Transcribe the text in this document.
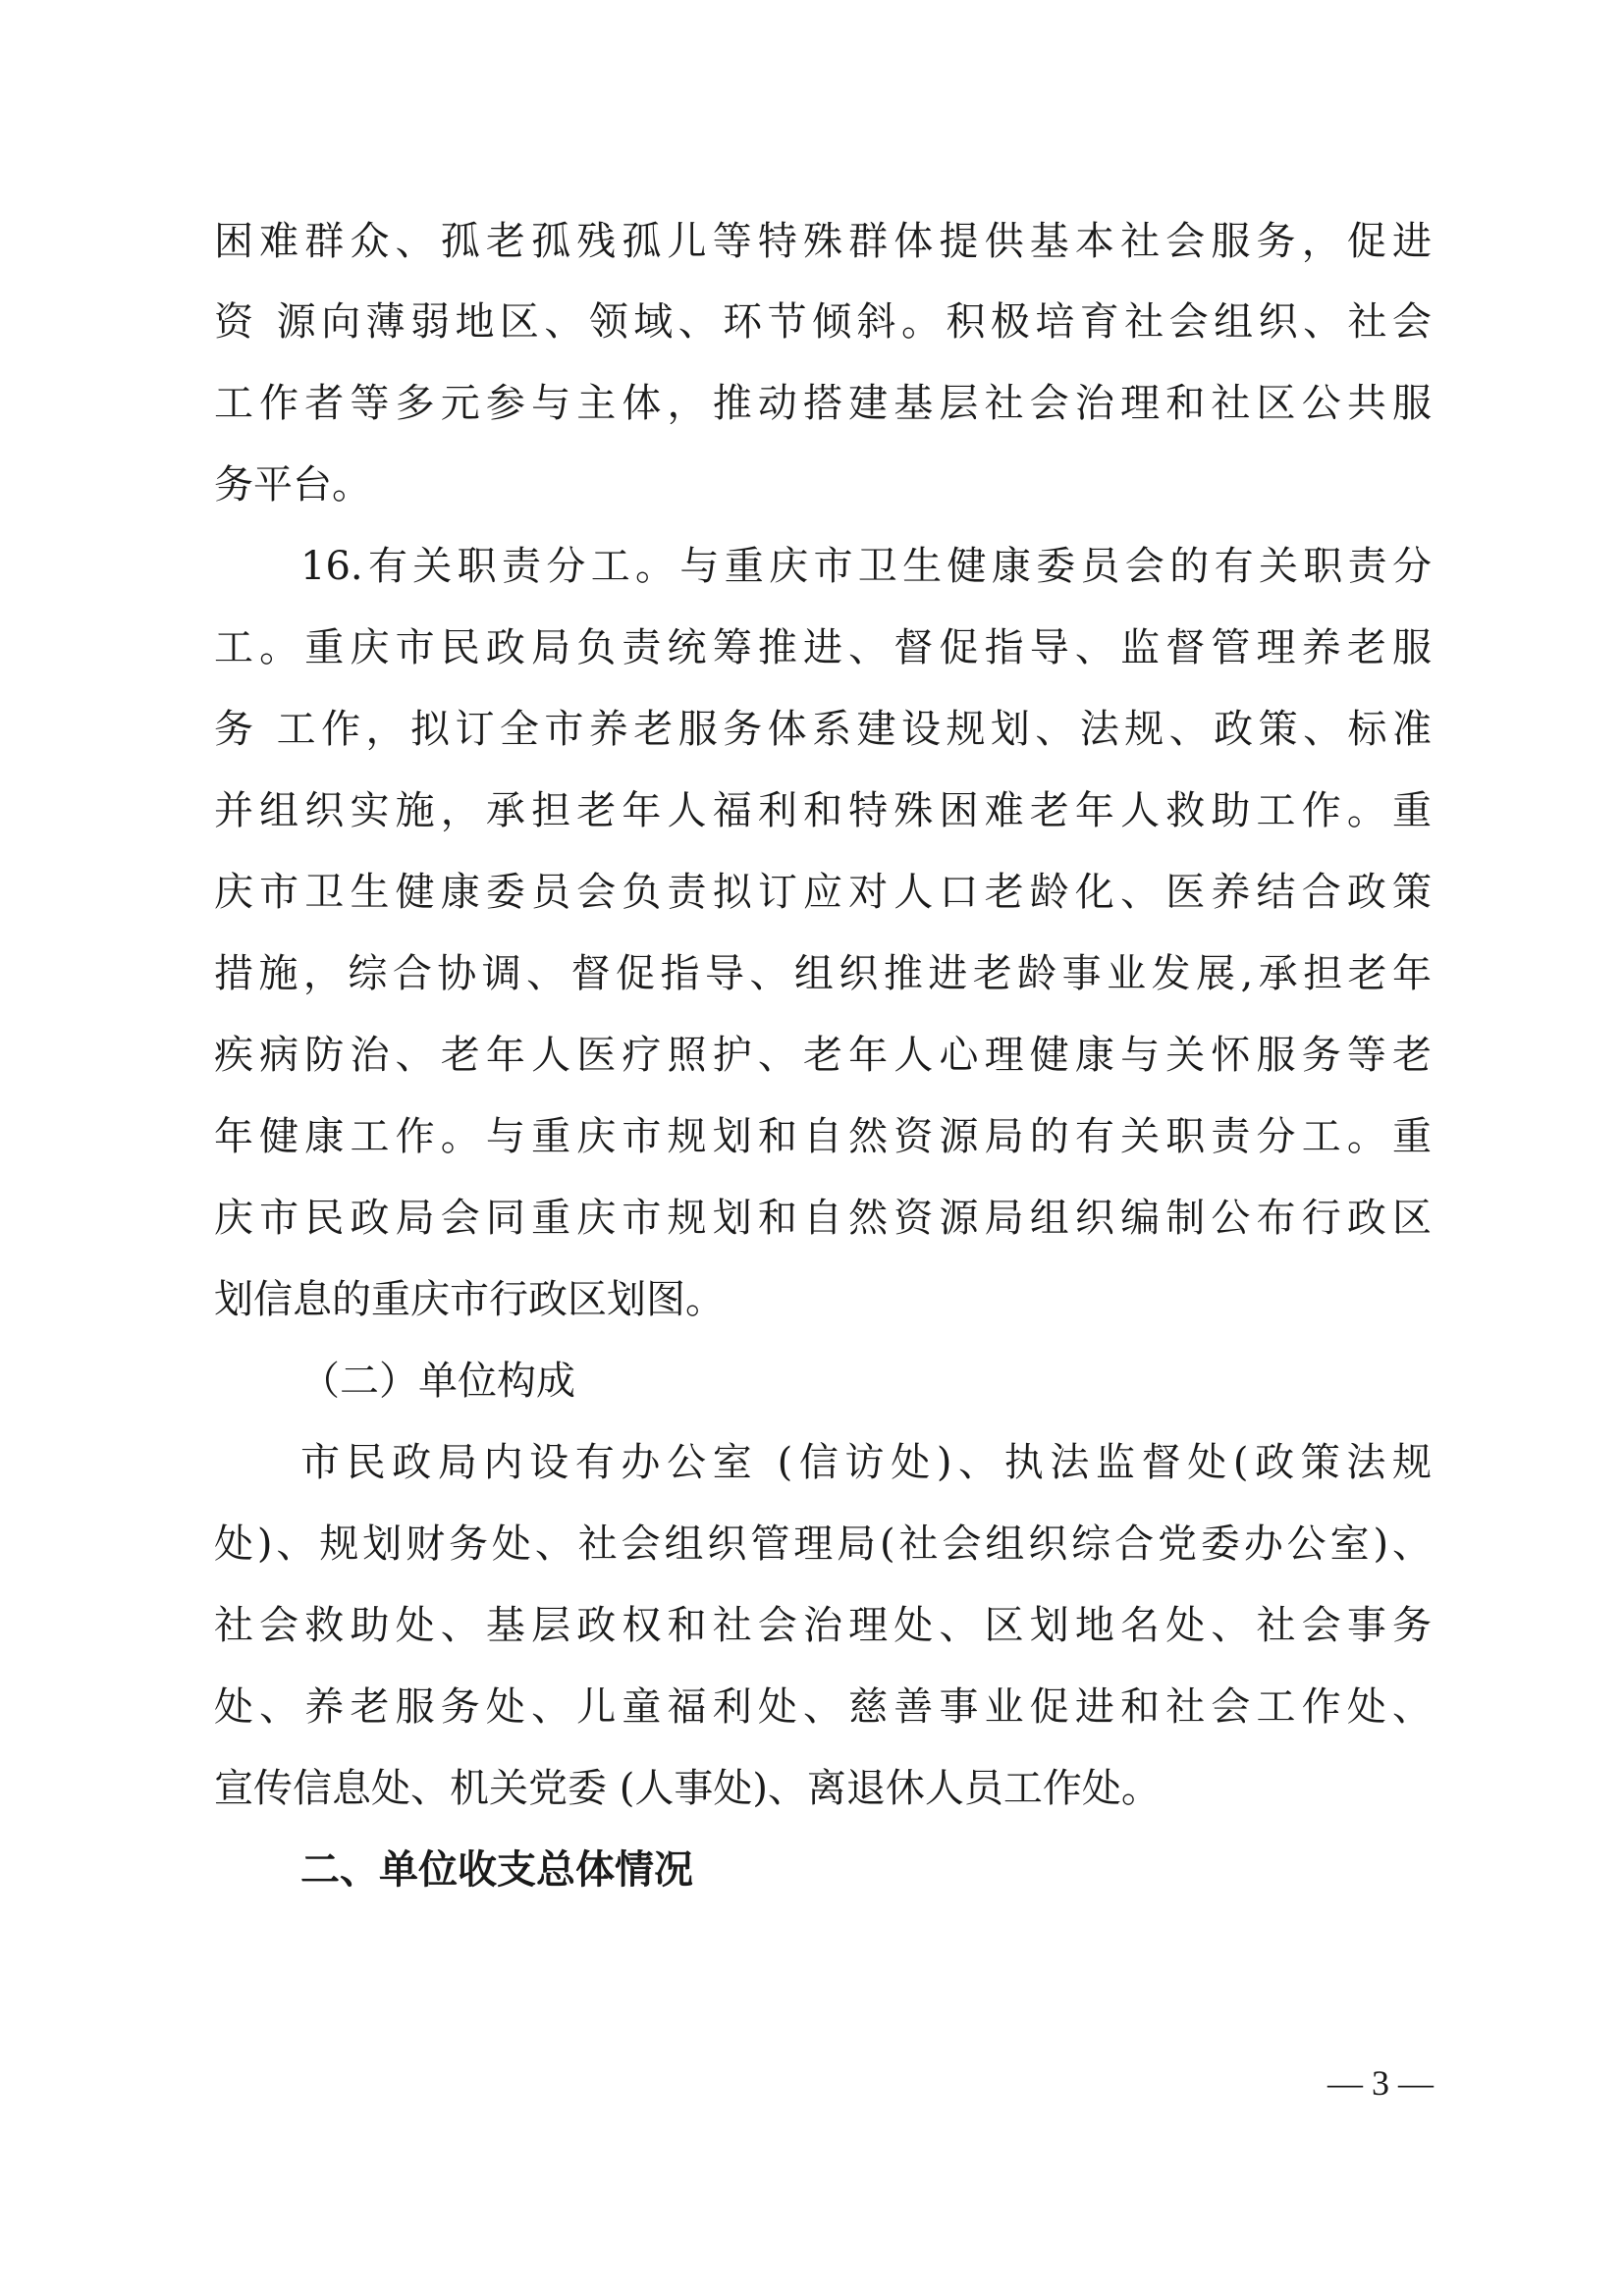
困难群众、孤老孤残孤儿等特殊群体提供基本社会服务，促进
资 源向薄弱地区、领域、环节倾斜。积极培育社会组织、社会
工作者等多元参与主体，推动搭建基层社会治理和社区公共服
务平台。
16.有关职责分工。与重庆市卫生健康委员会的有关职责分
工。重庆市民政局负责统筹推进、督促指导、监督管理养老服
务 工作，拟订全市养老服务体系建设规划、法规、政策、标准
并组织实施，承担老年人福利和特殊困难老年人救助工作。重
庆市卫生健康委员会负责拟订应对人口老龄化、医养结合政策
措施，综合协调、督促指导、组织推进老龄事业发展,承担老年
疾病防治、老年人医疗照护、老年人心理健康与关怀服务等老
年健康工作。与重庆市规划和自然资源局的有关职责分工。重
庆市民政局会同重庆市规划和自然资源局组织编制公布行政区
划信息的重庆市行政区划图。
（二）单位构成
市民政局内设有办公室 (信访处)、执法监督处(政策法规
处)、规划财务处、社会组织管理局(社会组织综合党委办公室)、
社会救助处、基层政权和社会治理处、区划地名处、社会事务
处、养老服务处、儿童福利处、慈善事业促进和社会工作处、
宣传信息处、机关党委 (人事处)、离退休人员工作处。
二、单位收支总体情况
— 3 —
